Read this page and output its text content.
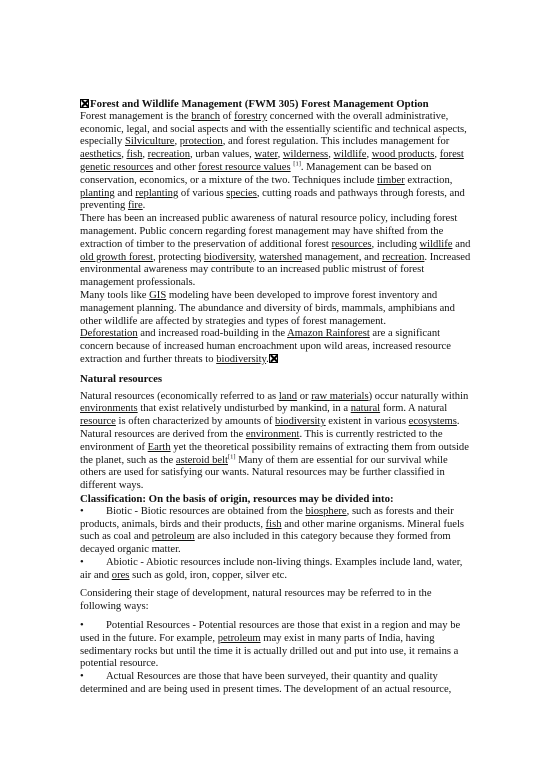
Forest and Wildlife Management (FWM 305) Forest Management Option

Forest management is the branch of forestry concerned with the overall administrative, economic, legal, and social aspects and with the essentially scientific and technical aspects, especially Silviculture, protection, and forest regulation. This includes management for aesthetics, fish, recreation, urban values, water, wilderness, wildlife, wood products, forest genetic resources and other forest resource values [1]. Management can be based on conservation, economics, or a mixture of the two. Techniques include timber extraction, planting and replanting of various species, cutting roads and pathways through forests, and preventing fire.

There has been an increased public awareness of natural resource policy, including forest management. Public concern regarding forest management may have shifted from the extraction of timber to the preservation of additional forest resources, including wildlife and old growth forest, protecting biodiversity, watershed management, and recreation. Increased environmental awareness may contribute to an increased public mistrust of forest management professionals.

Many tools like GIS modeling have been developed to improve forest inventory and management planning. The abundance and diversity of birds, mammals, amphibians and other wildlife are affected by strategies and types of forest management.

Deforestation and increased road-building in the Amazon Rainforest are a significant concern because of increased human encroachment upon wild areas, increased resource extraction and further threats to biodiversity.

Natural resources

Natural resources (economically referred to as land or raw materials) occur naturally within environments that exist relatively undisturbed by mankind, in a natural form. A natural resource is often characterized by amounts of biodiversity existent in various ecosystems. Natural resources are derived from the environment. This is currently restricted to the environment of Earth yet the theoretical possibility remains of extracting them from outside the planet, such as the asteroid belt[1] Many of them are essential for our survival while others are used for satisfying our wants. Natural resources may be further classified in different ways.

Classification: On the basis of origin, resources may be divided into:

• Biotic - Biotic resources are obtained from the biosphere, such as forests and their products, animals, birds and their products, fish and other marine organisms. Mineral fuels such as coal and petroleum are also included in this category because they formed from decayed organic matter.

• Abiotic - Abiotic resources include non-living things. Examples include land, water, air and ores such as gold, iron, copper, silver etc.

Considering their stage of development, natural resources may be referred to in the following ways:

• Potential Resources - Potential resources are those that exist in a region and may be used in the future. For example, petroleum may exist in many parts of India, having sedimentary rocks but until the time it is actually drilled out and put into use, it remains a potential resource.

• Actual Resources are those that have been surveyed, their quantity and quality determined and are being used in present times. The development of an actual resource,
